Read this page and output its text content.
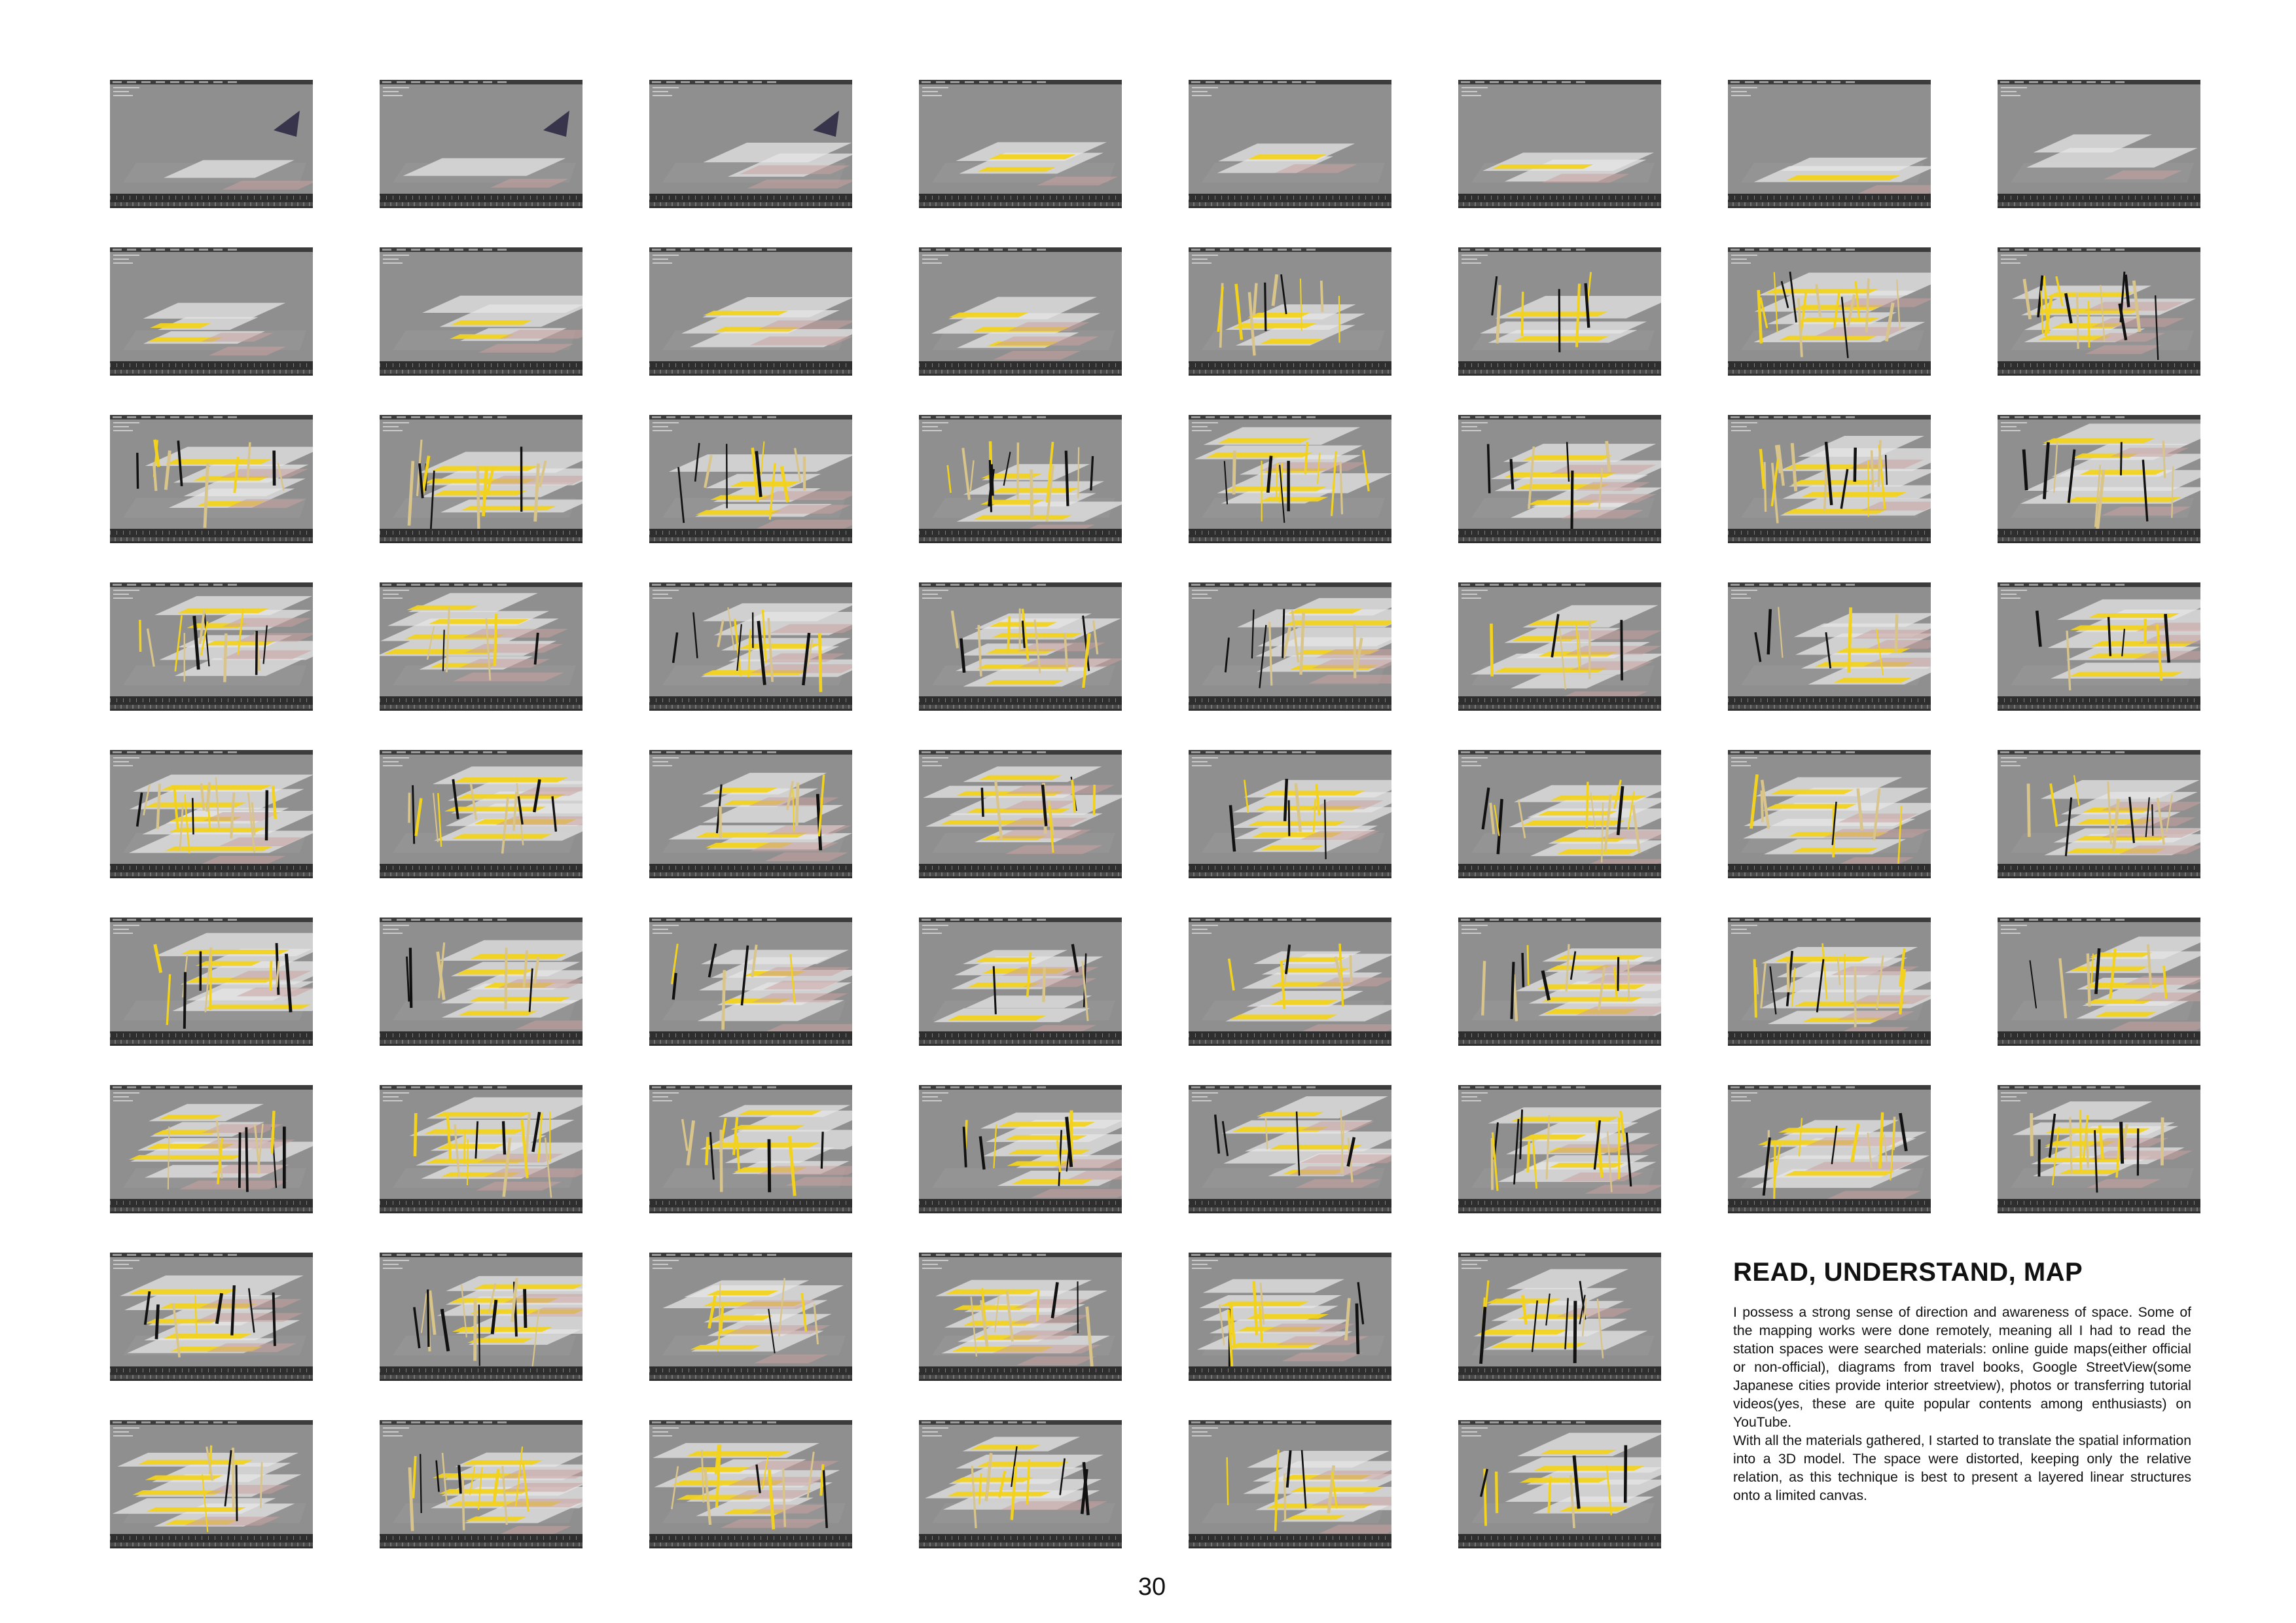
READ, UNDERSTAND, MAP

I possess a strong sense of direction and awareness of space. Some of the mapping works were done remotely, meaning all I had to read the station spaces were searched materials: online guide maps(either official or non-official), diagrams from travel books, Google StreetView(some Japanese cities provide interior streetview), photos or transferring tutorial videos(yes, these are quite popular contents among enthusiasts) on YouTube.

With all the materials gathered, I started to translate the spatial information into a 3D model. The space were distorted, keeping only the relative relation, as this technique is best to present a layered linear structures onto a limited canvas.

30
